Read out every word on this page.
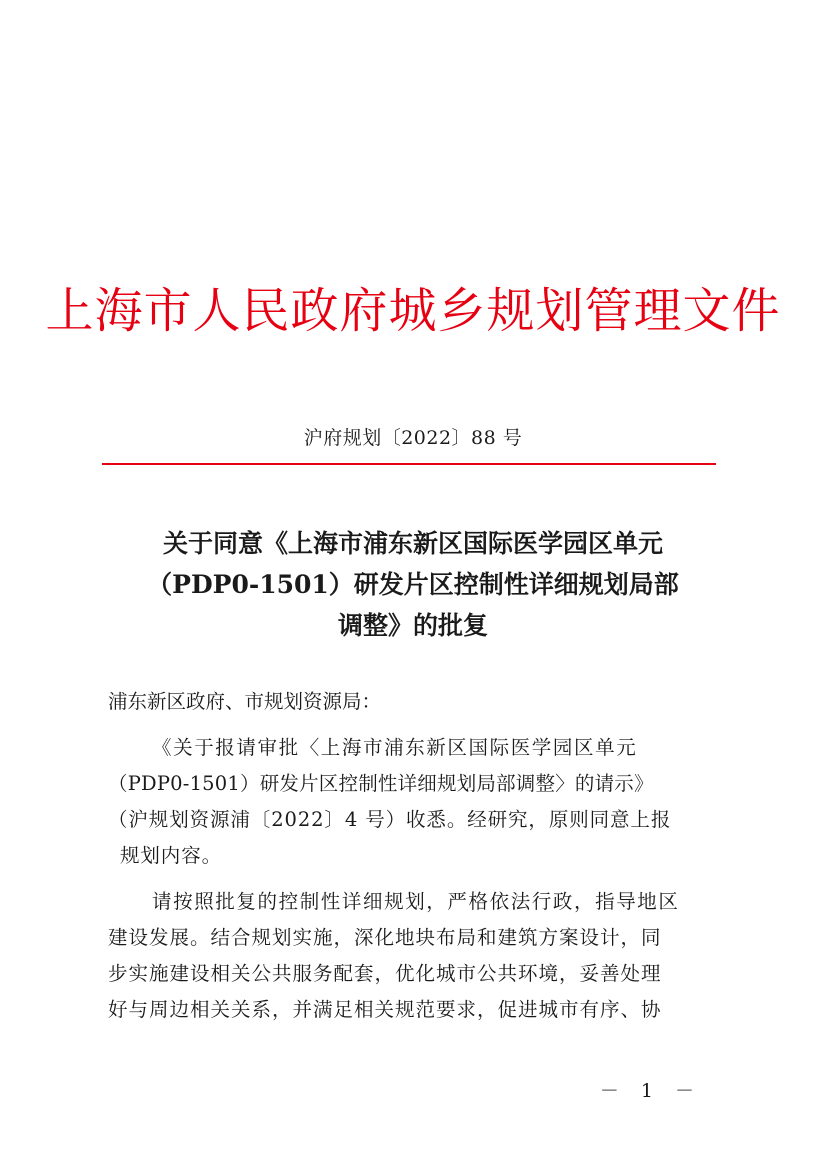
上海市人民政府城乡规划管理文件
沪府规划〔2022〕88 号
关于同意《上海市浦东新区国际医学园区单元
（PDP0-1501）研发片区控制性详细规划局部
调整》的批复
浦东新区政府、市规划资源局：
《关于报请审批〈上海市浦东新区国际医学园区单元
（PDP0-1501）研发片区控制性详细规划局部调整〉的请示》
（沪规划资源浦〔2022〕4 号）收悉。经研究，原则同意上报
规划内容。
请按照批复的控制性详细规划，严格依法行政，指导地区
建设发展。结合规划实施，深化地块布局和建筑方案设计，同
步实施建设相关公共服务配套，优化城市公共环境，妥善处理
好与周边相关关系，并满足相关规范要求，促进城市有序、协
－ 1 －
